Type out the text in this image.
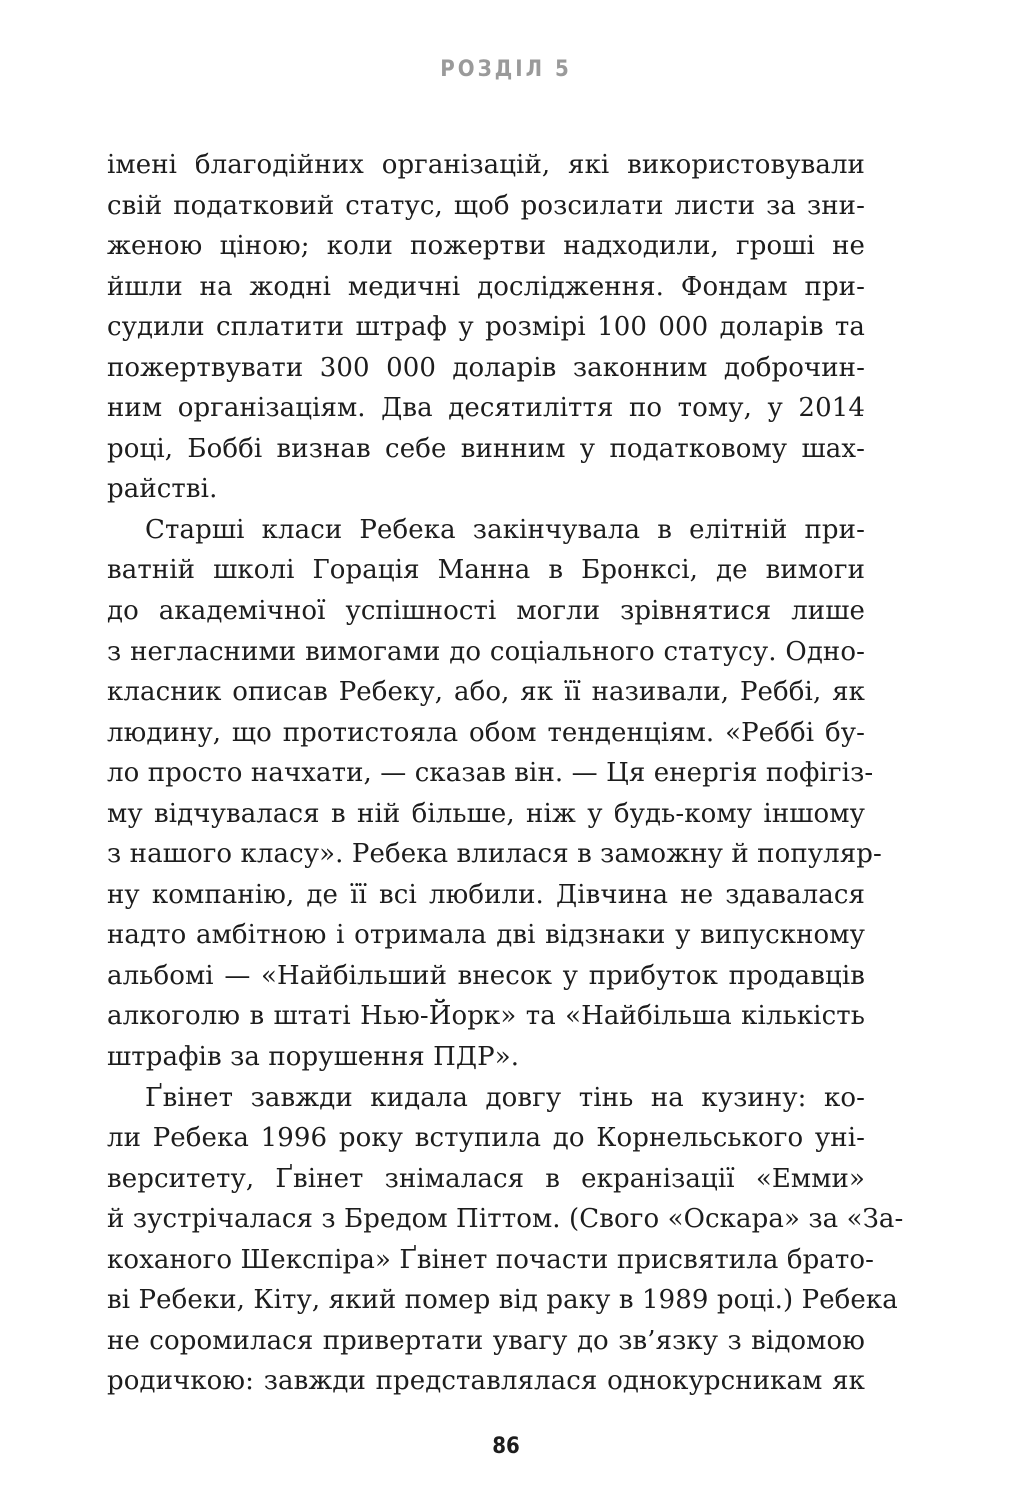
РОЗДІЛ 5

імені благодійних організацій, які використовували
свій податковий статус, щоб розсилати листи за зни-
женою ціною; коли пожертви надходили, гроші не
йшли на жодні медичні дослідження. Фондам при-
судили сплатити штраф у розмірі 100 000 доларів та
пожертвувати 300 000 доларів законним доброчин-
ним організаціям. Два десятиліття по тому, у 2014
році, Боббі визнав себе винним у податковому шах-
райстві.
Старші класи Ребека закінчувала в елітній при-
ватній школі Горація Манна в Бронксі, де вимоги
до академічної успішності могли зрівнятися лише
з негласними вимогами до соціального статусу. Одно-
класник описав Ребеку, або, як її називали, Реббі, як
людину, що протистояла обом тенденціям. «Реббі бу-
ло просто начхати, — сказав він. — Ця енергія пофігіз-
му відчувалася в ній більше, ніж у будь-кому іншому
з нашого класу». Ребека влилася в заможну й популяр-
ну компанію, де її всі любили. Дівчина не здавалася
надто амбітною і отримала дві відзнаки у випускному
альбомі — «Найбільший внесок у прибуток продавців
алкоголю в штаті Нью-Йорк» та «Найбільша кількість
штрафів за порушення ПДР».
Ґвінет завжди кидала довгу тінь на кузину: ко-
ли Ребека 1996 року вступила до Корнельського уні-
верситету, Ґвінет знімалася в екранізації «Емми»
й зустрічалася з Бредом Піттом. (Свого «Оскара» за «За-
коханого Шекспіра» Ґвінет почасти присвятила брато-
ві Ребеки, Кіту, який помер від раку в 1989 році.) Ребека
не соромилася привертати увагу до зв’язку з відомою
родичкою: завжди представлялася однокурсникам як

86
